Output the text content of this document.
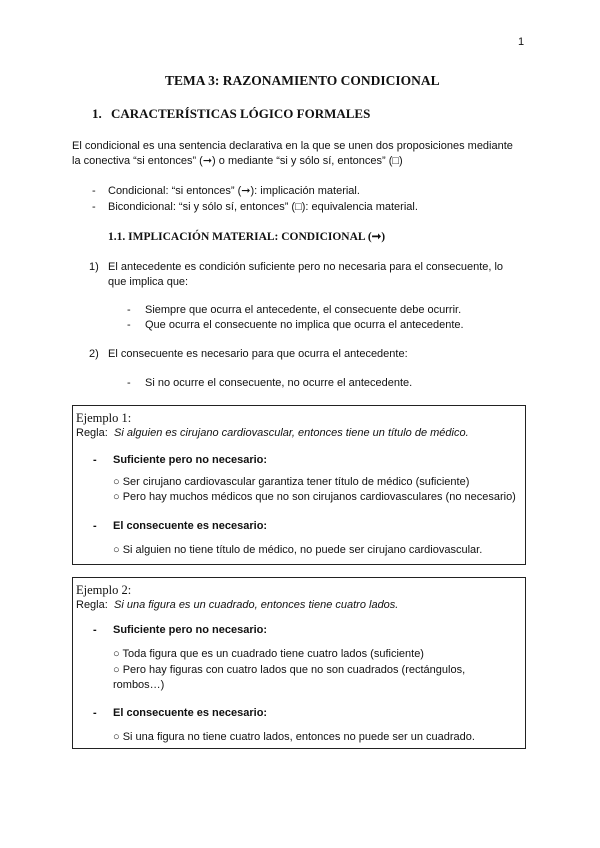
1
TEMA 3: RAZONAMIENTO CONDICIONAL
1. CARACTERÍSTICAS LÓGICO FORMALES
El condicional es una sentencia declarativa en la que se unen dos proposiciones mediante
la conectiva “si entonces” (➞) o mediante “si y sólo sí, entonces” (□)
- Condicional: “si entonces” (➞): implicación material.
- Bicondicional: “si y sólo sí, entonces” (□): equivalencia material.
1.1. IMPLICACIÓN MATERIAL: CONDICIONAL (➞)
1) El antecedente es condición suficiente pero no necesaria para el consecuente, lo
que implica que:
- Siempre que ocurra el antecedente, el consecuente debe ocurrir.
- Que ocurra el consecuente no implica que ocurra el antecedente.
2) El consecuente es necesario para que ocurra el antecedente:
- Si no ocurre el consecuente, no ocurre el antecedente.
Ejemplo 1:
Regla: Si alguien es cirujano cardiovascular, entonces tiene un título de médico.
- Suficiente pero no necesario:
○ Ser cirujano cardiovascular garantiza tener título de médico (suficiente)
○ Pero hay muchos médicos que no son cirujanos cardiovasculares (no necesario)
- El consecuente es necesario:
○ Si alguien no tiene título de médico, no puede ser cirujano cardiovascular.
Ejemplo 2:
Regla: Si una figura es un cuadrado, entonces tiene cuatro lados.
- Suficiente pero no necesario:
○ Toda figura que es un cuadrado tiene cuatro lados (suficiente)
○ Pero hay figuras con cuatro lados que no son cuadrados (rectángulos,
rombos…)
- El consecuente es necesario:
○ Si una figura no tiene cuatro lados, entonces no puede ser un cuadrado.
